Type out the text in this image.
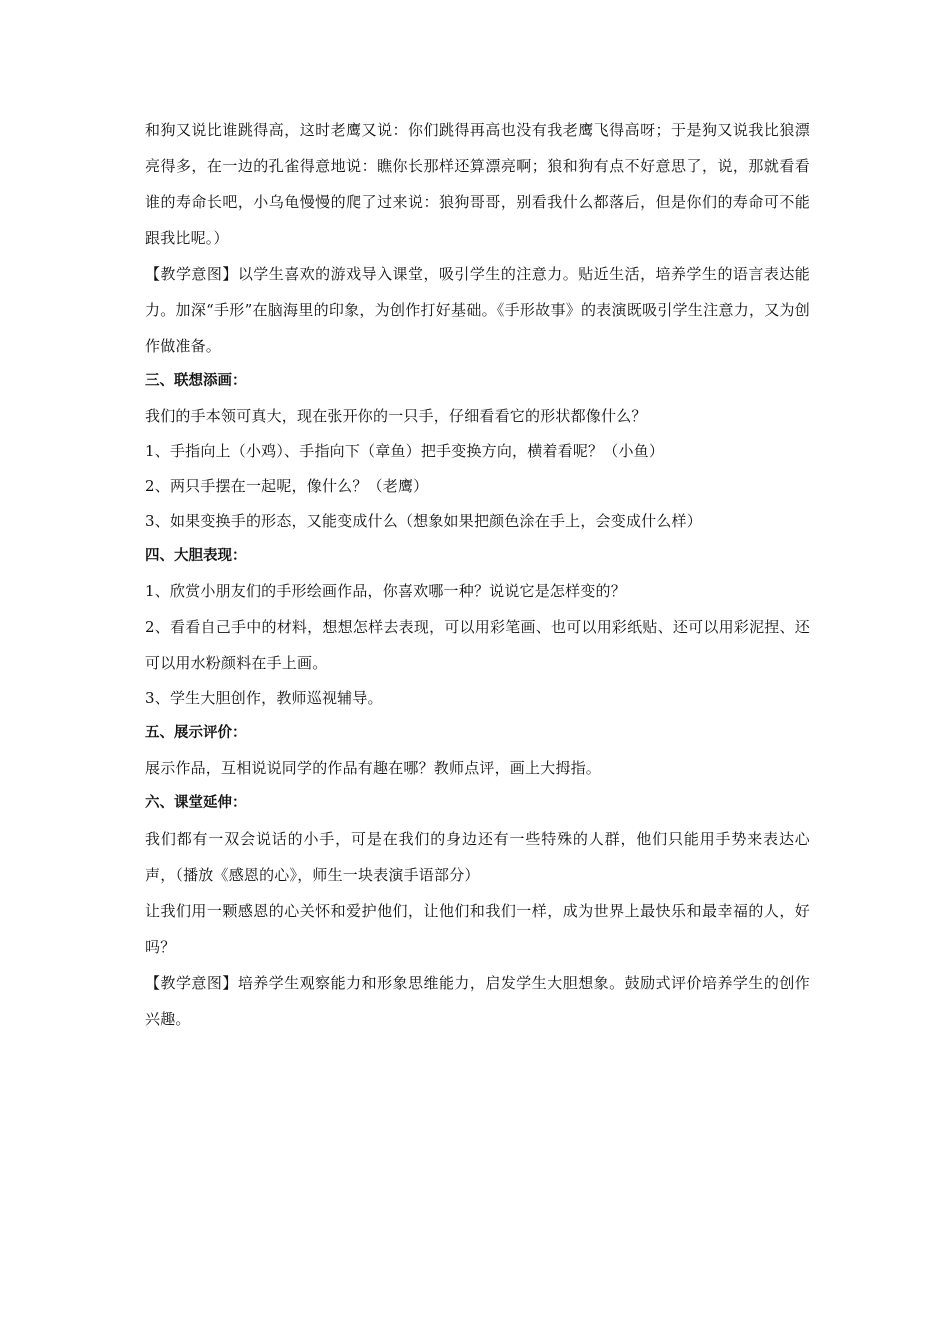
和狗又说比谁跳得高，这时老鹰又说：你们跳得再高也没有我老鹰飞得高呀；于是狗又说我比狼漂亮得多，在一边的孔雀得意地说：瞧你长那样还算漂亮啊；狼和狗有点不好意思了，说，那就看看谁的寿命长吧，小乌龟慢慢的爬了过来说：狼狗哥哥，别看我什么都落后，但是你们的寿命可不能跟我比呢。）

【教学意图】以学生喜欢的游戏导入课堂，吸引学生的注意力。贴近生活，培养学生的语言表达能力。加深“手形”在脑海里的印象，为创作打好基础。《手形故事》的表演既吸引学生注意力，又为创作做准备。

三、联想添画：

我们的手本领可真大，现在张开你的一只手，仔细看看它的形状都像什么？

1、手指向上（小鸡）、手指向下（章鱼）把手变换方向，横着看呢？（小鱼）

2、两只手摆在一起呢，像什么？（老鹰）

3、如果变换手的形态，又能变成什么（想象如果把颜色涂在手上，会变成什么样）

四、大胆表现：

1、欣赏小朋友们的手形绘画作品，你喜欢哪一种？说说它是怎样变的？

2、看看自己手中的材料，想想怎样去表现，可以用彩笔画、也可以用彩纸贴、还可以用彩泥捏、还可以用水粉颜料在手上画。

3、学生大胆创作，教师巡视辅导。

五、展示评价：

展示作品，互相说说同学的作品有趣在哪？教师点评，画上大拇指。

六、课堂延伸：

我们都有一双会说话的小手，可是在我们的身边还有一些特殊的人群，他们只能用手势来表达心声，（播放《感恩的心》，师生一块表演手语部分）

让我们用一颗感恩的心关怀和爱护他们，让他们和我们一样，成为世界上最快乐和最幸福的人，好吗？

【教学意图】培养学生观察能力和形象思维能力，启发学生大胆想象。鼓励式评价培养学生的创作兴趣。
